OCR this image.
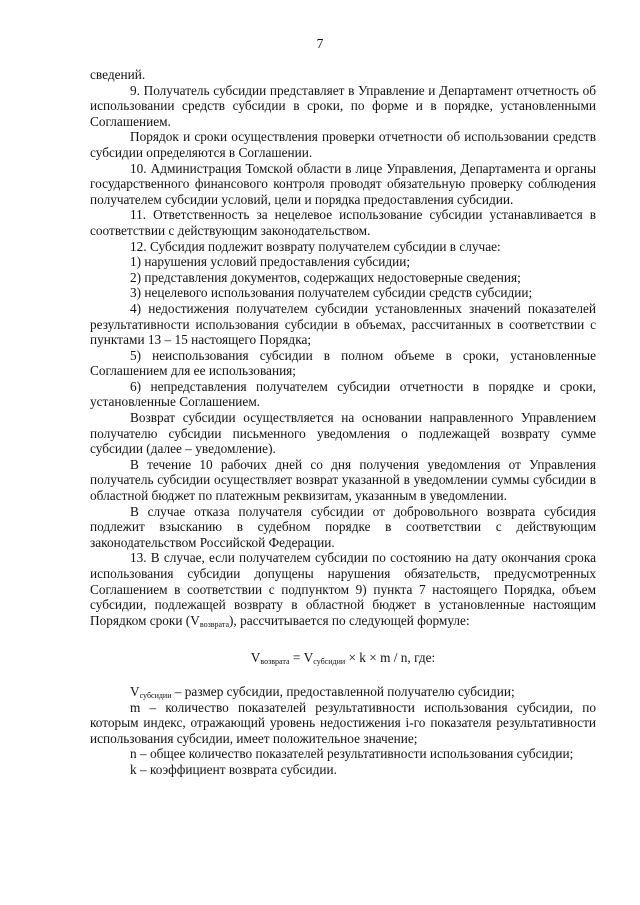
7

сведений.

9. Получатель субсидии представляет в Управление и Департамент отчетность об использовании средств субсидии в сроки, по форме и в порядке, установленными Соглашением.

Порядок и сроки осуществления проверки отчетности об использовании средств субсидии определяются в Соглашении.

10. Администрация Томской области в лице Управления, Департамента и органы государственного финансового контроля проводят обязательную проверку соблюдения получателем субсидии условий, цели и порядка предоставления субсидии.

11. Ответственность за нецелевое использование субсидии устанавливается в соответствии с действующим законодательством.

12. Субсидия подлежит возврату получателем субсидии в случае:

1) нарушения условий предоставления субсидии;

2) представления документов, содержащих недостоверные сведения;

3) нецелевого использования получателем субсидии средств субсидии;

4) недостижения получателем субсидии установленных значений показателей результативности использования субсидии в объемах, рассчитанных в соответствии с пунктами 13 – 15 настоящего Порядка;

5) неиспользования субсидии в полном объеме в сроки, установленные Соглашением для ее использования;

6) непредставления получателем субсидии отчетности в порядке и сроки, установленные Соглашением.

Возврат субсидии осуществляется на основании направленного Управлением получателю субсидии письменного уведомления о подлежащей возврату сумме субсидии (далее – уведомление).

В течение 10 рабочих дней со дня получения уведомления от Управления получатель субсидии осуществляет возврат указанной в уведомлении суммы субсидии в областной бюджет по платежным реквизитам, указанным в уведомлении.

В случае отказа получателя субсидии от добровольного возврата субсидия подлежит взысканию в судебном порядке в соответствии с действующим законодательством Российской Федерации.

13. В случае, если получателем субсидии по состоянию на дату окончания срока использования субсидии допущены нарушения обязательств, предусмотренных Соглашением в соответствии с подпунктом 9) пункта 7 настоящего Порядка, объем субсидии, подлежащей возврату в областной бюджет в установленные настоящим Порядком сроки $(V_{возврата})$, рассчитывается по следующей формуле:

$V_{возврата} = V_{субсидии} \times k \times m / n$, где:

$V_{субсидии}$ – размер субсидии, предоставленной получателю субсидии;

m – количество показателей результативности использования субсидии, по которым индекс, отражающий уровень недостижения i-го показателя результативности использования субсидии, имеет положительное значение;

n – общее количество показателей результативности использования субсидии;

k – коэффициент возврата субсидии.
